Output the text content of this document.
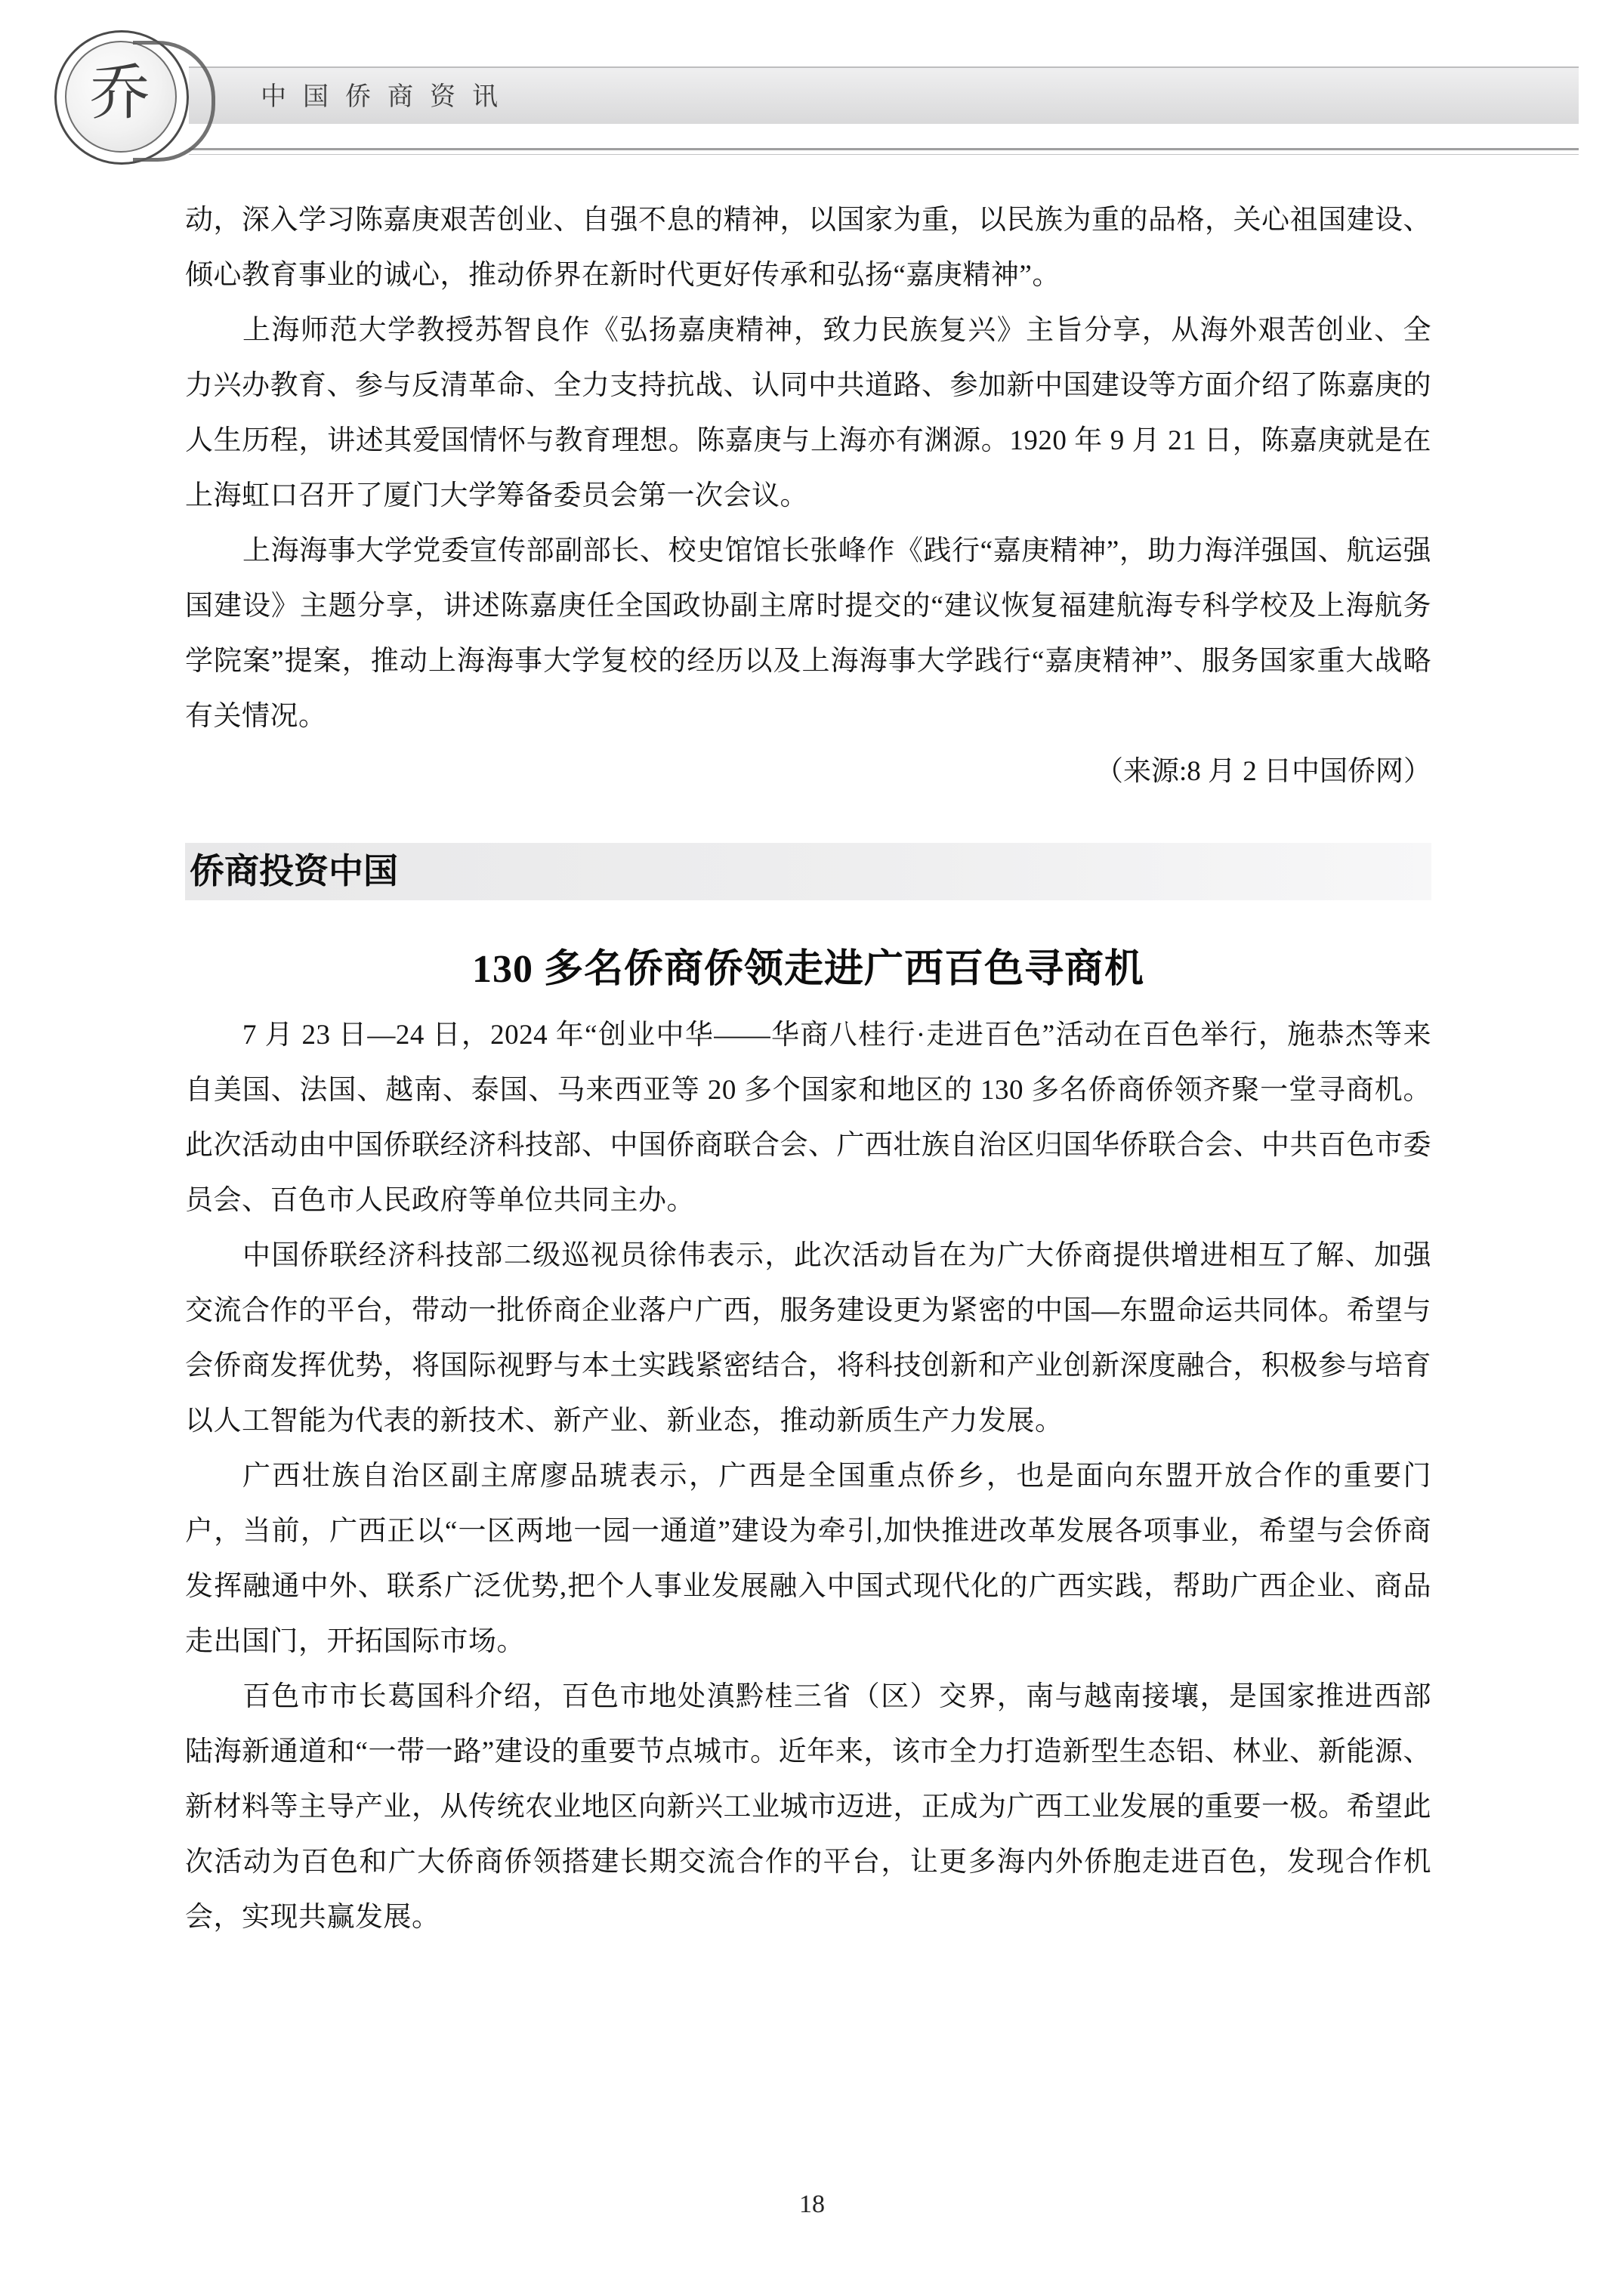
中国侨商资讯
乔

动，深入学习陈嘉庚艰苦创业、自强不息的精神，以国家为重，以民族为重的品格，关心祖国建设、倾心教育事业的诚心，推动侨界在新时代更好传承和弘扬“嘉庚精神”。

上海师范大学教授苏智良作《弘扬嘉庚精神，致力民族复兴》主旨分享，从海外艰苦创业、全力兴办教育、参与反清革命、全力支持抗战、认同中共道路、参加新中国建设等方面介绍了陈嘉庚的人生历程，讲述其爱国情怀与教育理想。陈嘉庚与上海亦有渊源。1920 年 9 月 21 日，陈嘉庚就是在上海虹口召开了厦门大学筹备委员会第一次会议。

上海海事大学党委宣传部副部长、校史馆馆长张峰作《践行“嘉庚精神”，助力海洋强国、航运强国建设》主题分享，讲述陈嘉庚任全国政协副主席时提交的“建议恢复福建航海专科学校及上海航务学院案”提案，推动上海海事大学复校的经历以及上海海事大学践行“嘉庚精神”、服务国家重大战略有关情况。

（来源:8 月 2 日中国侨网）

侨商投资中国
130 多名侨商侨领走进广西百色寻商机

7 月 23 日—24 日，2024 年“创业中华——华商八桂行·走进百色”活动在百色举行，施恭杰等来自美国、法国、越南、泰国、马来西亚等 20 多个国家和地区的 130 多名侨商侨领齐聚一堂寻商机。此次活动由中国侨联经济科技部、中国侨商联合会、广西壮族自治区归国华侨联合会、中共百色市委员会、百色市人民政府等单位共同主办。

中国侨联经济科技部二级巡视员徐伟表示，此次活动旨在为广大侨商提供增进相互了解、加强交流合作的平台，带动一批侨商企业落户广西，服务建设更为紧密的中国—东盟命运共同体。希望与会侨商发挥优势，将国际视野与本土实践紧密结合，将科技创新和产业创新深度融合，积极参与培育以人工智能为代表的新技术、新产业、新业态，推动新质生产力发展。

广西壮族自治区副主席廖品琥表示，广西是全国重点侨乡，也是面向东盟开放合作的重要门户，当前，广西正以“一区两地一园一通道”建设为牵引,加快推进改革发展各项事业，希望与会侨商发挥融通中外、联系广泛优势,把个人事业发展融入中国式现代化的广西实践，帮助广西企业、商品走出国门，开拓国际市场。

百色市市长葛国科介绍，百色市地处滇黔桂三省（区）交界，南与越南接壤，是国家推进西部陆海新通道和“一带一路”建设的重要节点城市。近年来，该市全力打造新型生态铝、林业、新能源、新材料等主导产业，从传统农业地区向新兴工业城市迈进，正成为广西工业发展的重要一极。希望此次活动为百色和广大侨商侨领搭建长期交流合作的平台，让更多海内外侨胞走进百色，发现合作机会，实现共赢发展。

18
